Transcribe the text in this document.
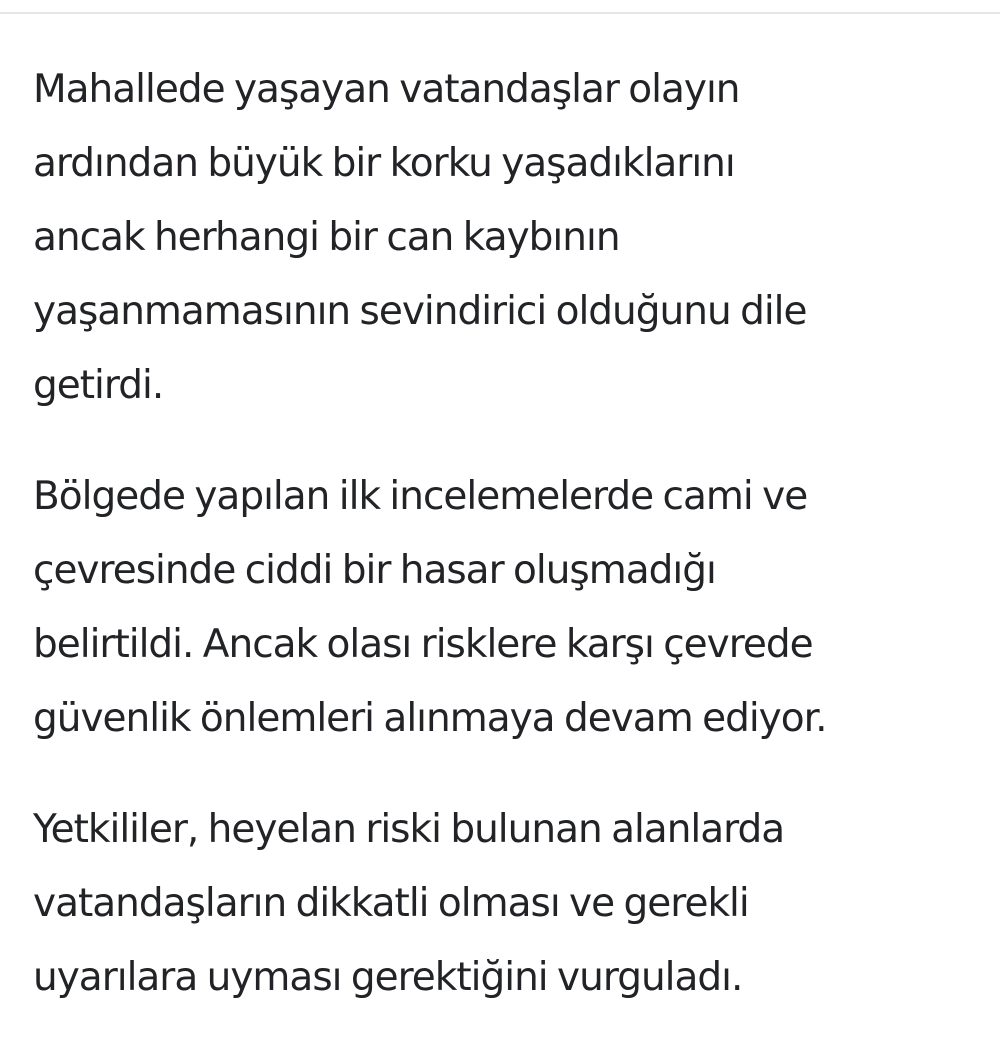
Mahallede yaşayan vatandaşlar olayın
ardından büyük bir korku yaşadıklarını
ancak herhangi bir can kaybının
yaşanmamasının sevindirici olduğunu dile
getirdi.

Bölgede yapılan ilk incelemelerde cami ve
çevresinde ciddi bir hasar oluşmadığı
belirtildi. Ancak olası risklere karşı çevrede
güvenlik önlemleri alınmaya devam ediyor.

Yetkililer, heyelan riski bulunan alanlarda
vatandaşların dikkatli olması ve gerekli
uyarılara uyması gerektiğini vurguladı.
